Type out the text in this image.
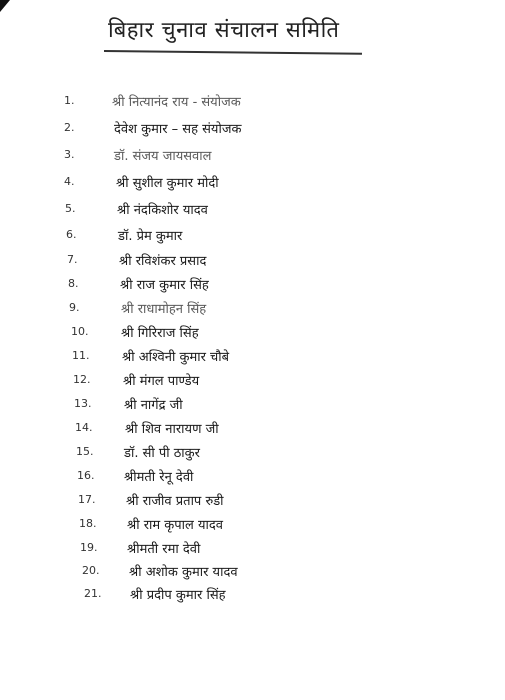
बिहार चुनाव संचालन समिति
1.	श्री नित्यानंद राय - संयोजक
2.	देवेश कुमार – सह संयोजक
3.	डॉ. संजय जायसवाल
4.	श्री सुशील कुमार मोदी
5.	श्री नंदकिशोर यादव
6.	डॉ. प्रेम कुमार
7.	श्री रविशंकर प्रसाद
8.	श्री राज कुमार सिंह
9.	श्री राधामोहन सिंह
10.	श्री गिरिराज सिंह
11.	श्री अश्विनी कुमार चौबे
12.	श्री मंगल पाण्डेय
13.	श्री नागेंद्र जी
14.	श्री शिव नारायण जी
15. डॉ. सी पी ठाकुर
16. श्रीमती रेनू देवी
17. श्री राजीव प्रताप रुडी
18. श्री राम कृपाल यादव
19. श्रीमती रमा देवी
20. श्री अशोक कुमार यादव
21. श्री प्रदीप कुमार सिंह
